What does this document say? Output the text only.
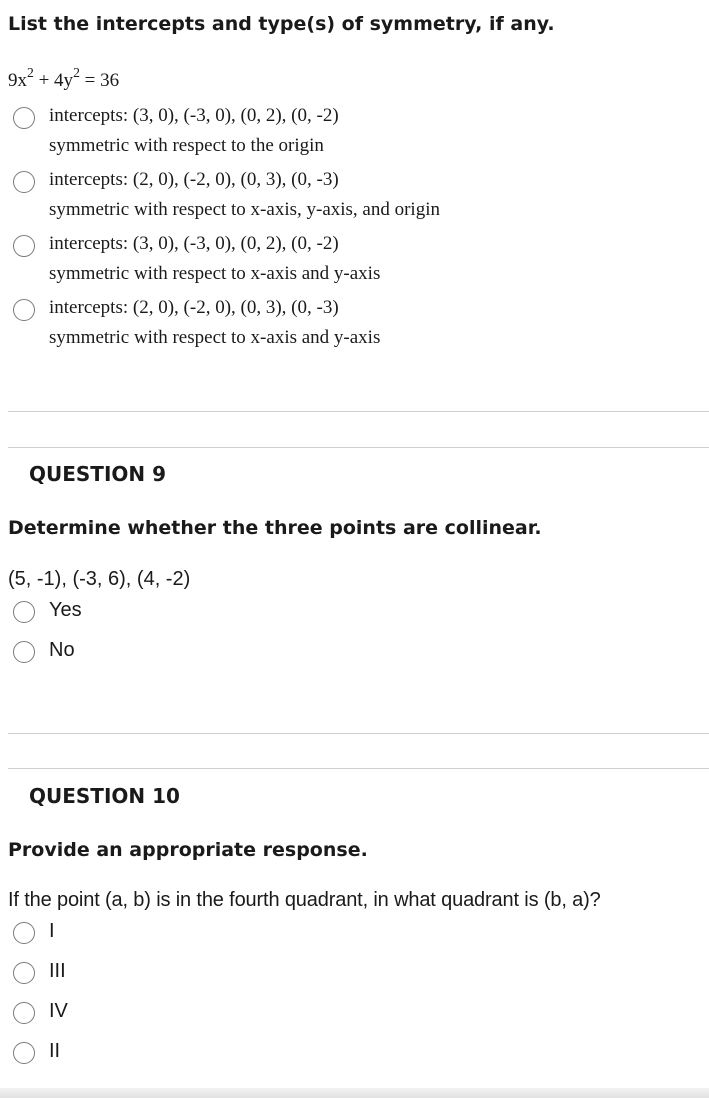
List the intercepts and type(s) of symmetry, if any.
$9x^2 + 4y^2 = 36$
intercepts: (3, 0), (-3, 0), (0, 2), (0, -2)
symmetric with respect to the origin
intercepts: (2, 0), (-2, 0), (0, 3), (0, -3)
symmetric with respect to x-axis, y-axis, and origin
intercepts: (3, 0), (-3, 0), (0, 2), (0, -2)
symmetric with respect to x-axis and y-axis
intercepts: (2, 0), (-2, 0), (0, 3), (0, -3)
symmetric with respect to x-axis and y-axis
QUESTION 9
Determine whether the three points are collinear.
(5, -1), (-3, 6), (4, -2)
Yes
No
QUESTION 10
Provide an appropriate response.
If the point (a, b) is in the fourth quadrant, in what quadrant is (b, a)?
I
III
IV
II
